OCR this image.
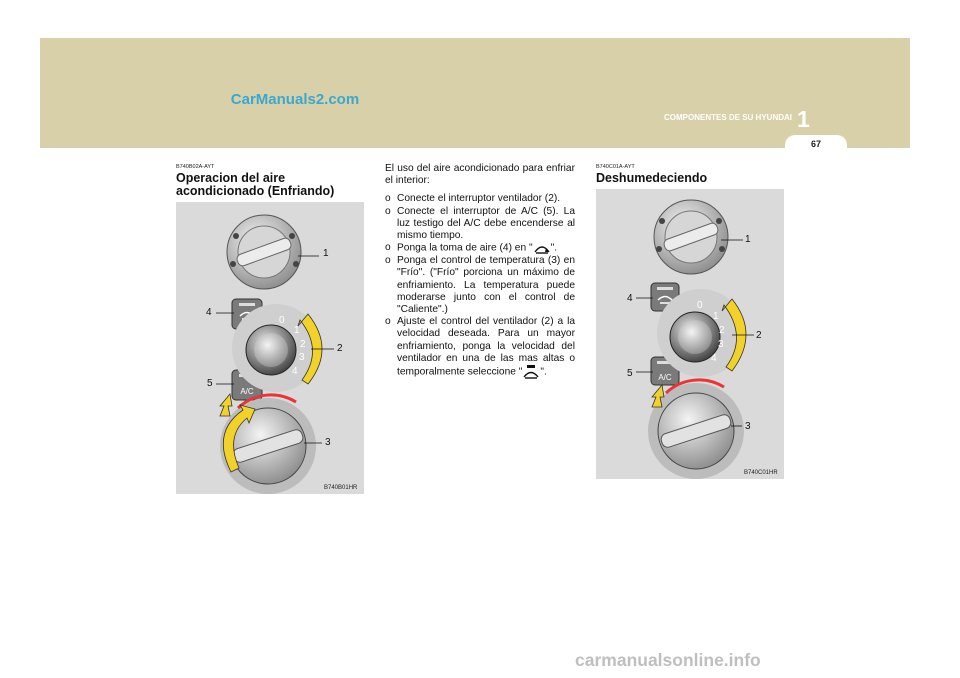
CarManuals2.com
COMPONENTES DE SU HYUNDAI 1
67
B740B02A-AYT
Operacion del aire
acondicionado (Enfriando)
A/C
0
1
2
3
4
1
2
3
4
5
B740B01HR

El uso del aire acondicionado para enfriar el interior:

o Conecte el interruptor ventilador (2).
o Conecte el interruptor de A/C (5). La luz testigo del A/C debe encenderse al mismo tiempo.
o Ponga la toma de aire (4) en " ".
o Ponga el control de temperatura (3) en "Frío". ("Frío" porciona un máximo de enfriamiento. La temperatura puede moderarse junto con el control de "Caliente".)
o Ajuste el control del ventilador (2) a la velocidad deseada. Para un mayor enfriamiento, ponga la velocidad del ventilador en una de las mas altas o temporalmente seleccione " ".
B740C01A-AYT
Deshumedeciendo
A/C
0
1
2
3
4
1
2
3
4
5
B740C01HR
carmanualsonline.info
